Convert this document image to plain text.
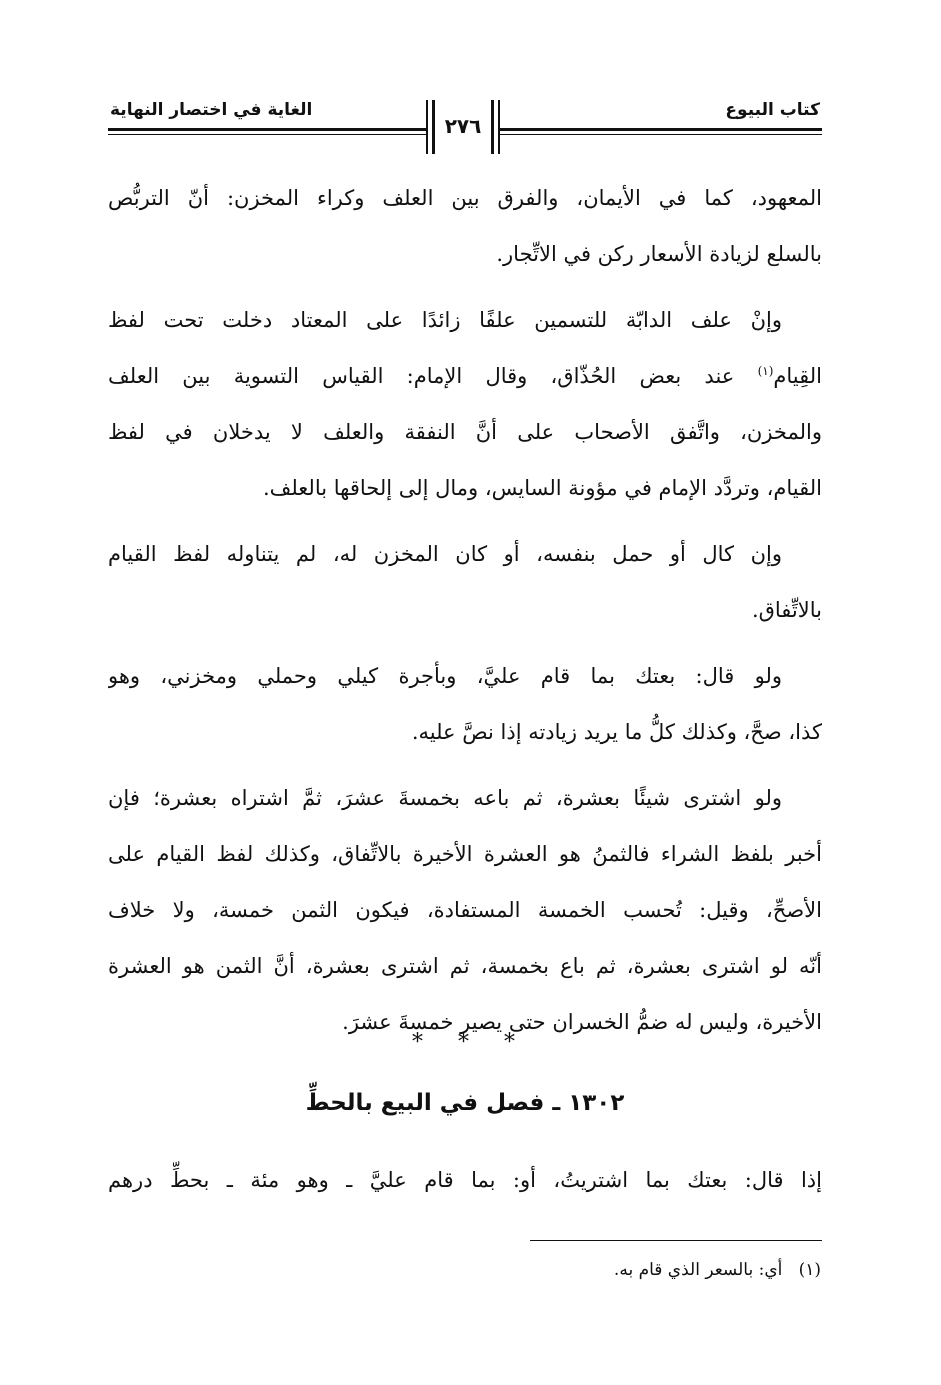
كتاب البيوع
الغاية في اختصار النهاية
٢٧٦
المعهود، كما في الأيمان، والفرق بين العلف وكراء المخزن: أنّ التربُّص
بالسلع لزيادة الأسعار ركن في الاتِّجار.
وإنْ علف الدابّة للتسمين علفًا زائدًا على المعتاد دخلت تحت لفظ
القِيام$^{(١)}$ عند بعض الحُذّاق، وقال الإمام: القياس التسوية بين العلف
والمخزن، واتَّفق الأصحاب على أنَّ النفقة والعلف لا يدخلان في لفظ
القيام، وتردَّد الإمام في مؤونة السايس، ومال إلى إلحاقها بالعلف.
وإن كال أو حمل بنفسه، أو كان المخزن له، لم يتناوله لفظ القيام
بالاتِّفاق.
ولو قال: بعتك بما قام عليَّ، وبأجرة كيلي وحملي ومخزني، وهو
كذا، صحَّ، وكذلك كلُّ ما يريد زيادته إذا نصَّ عليه.
ولو اشترى شيئًا بعشرة، ثم باعه بخمسةَ عشرَ، ثمَّ اشتراه بعشرة؛ فإن
أخبر بلفظ الشراء فالثمنُ هو العشرة الأخيرة بالاتِّفاق، وكذلك لفظ القيام على
الأصحِّ، وقيل: تُحسب الخمسة المستفادة، فيكون الثمن خمسة، ولا خلاف
أنّه لو اشترى بعشرة، ثم باع بخمسة، ثم اشترى بعشرة، أنَّ الثمن هو العشرة
الأخيرة، وليس له ضمُّ الخسران حتى يصير خمسةَ عشرَ.
* * *
١٣٠٢ ـ فصل في البيع بالحطِّ
إذا قال: بعتك بما اشتريتُ، أو: بما قام عليَّ ـ وهو مئة ـ بحطِّ درهم
(١)   أي: بالسعر الذي قام به.
